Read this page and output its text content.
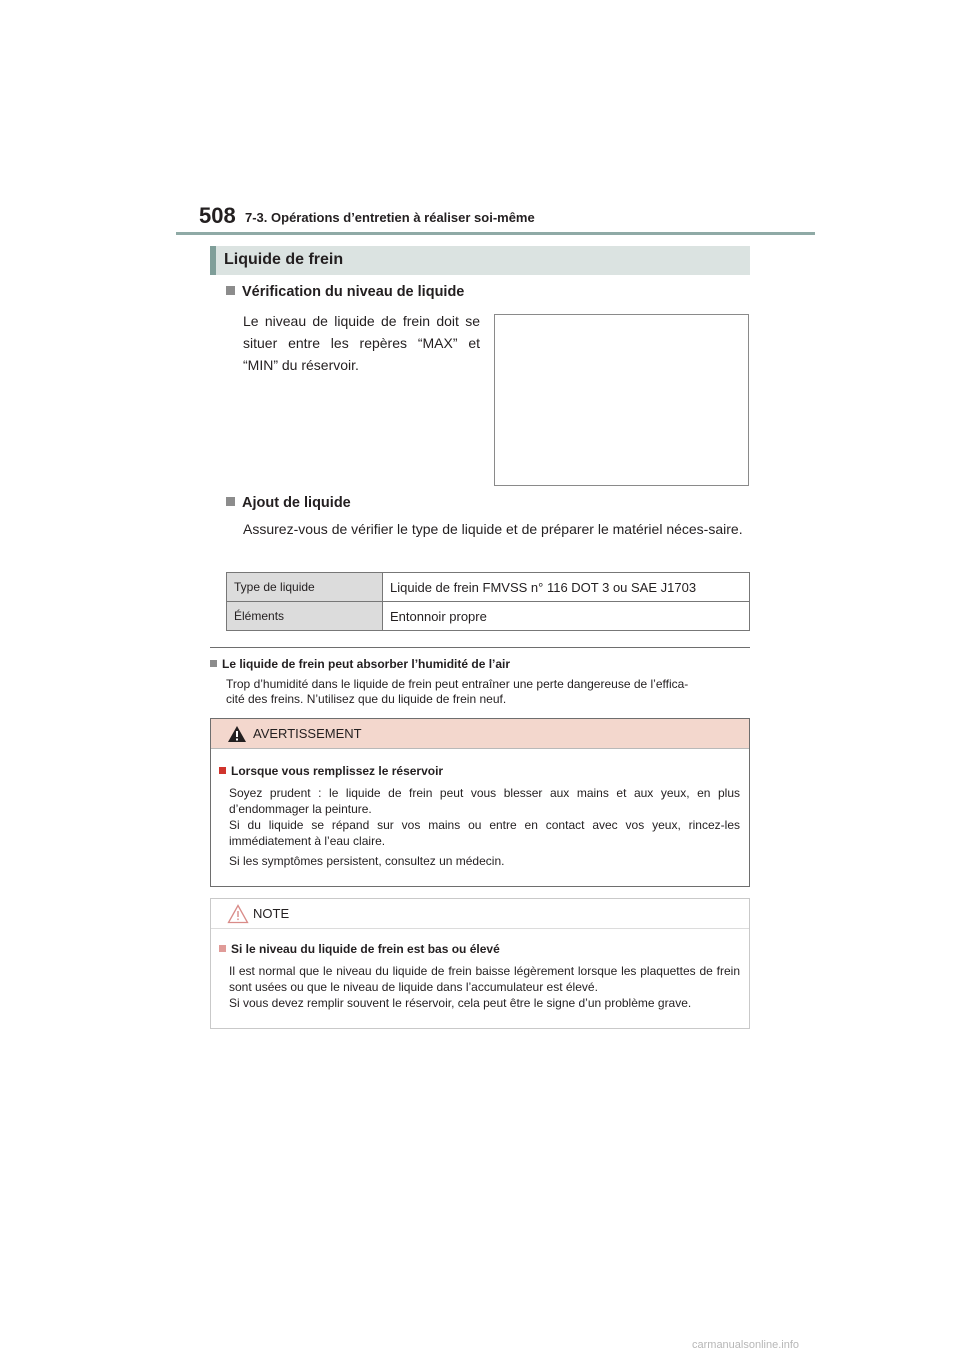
508 7-3. Opérations d’entretien à réaliser soi-même
Liquide de frein
Vérification du niveau de liquide
Le niveau de liquide de frein doit se situer entre les repères “MAX” et “MIN” du réservoir.
Ajout de liquide
Assurez-vous de vérifier le type de liquide et de préparer le matériel néces-saire.
Type de liquide	Liquide de frein FMVSS n° 116 DOT 3 ou SAE J1703
Éléments	Entonnoir propre
Le liquide de frein peut absorber l’humidité de l’air
Trop d’humidité dans le liquide de frein peut entraîner une perte dangereuse de l’effica-
cité des freins. N’utilisez que du liquide de frein neuf.
AVERTISSEMENT
Lorsque vous remplissez le réservoir
Soyez prudent : le liquide de frein peut vous blesser aux mains et aux yeux, en plus d’endommager la peinture.
Si du liquide se répand sur vos mains ou entre en contact avec vos yeux, rincez-les immédiatement à l’eau claire.
Si les symptômes persistent, consultez un médecin.
NOTE
Si le niveau du liquide de frein est bas ou élevé
Il est normal que le niveau du liquide de frein baisse légèrement lorsque les plaquettes de frein sont usées ou que le niveau de liquide dans l’accumulateur est élevé.
Si vous devez remplir souvent le réservoir, cela peut être le signe d’un problème grave.
carmanualsonline.info
